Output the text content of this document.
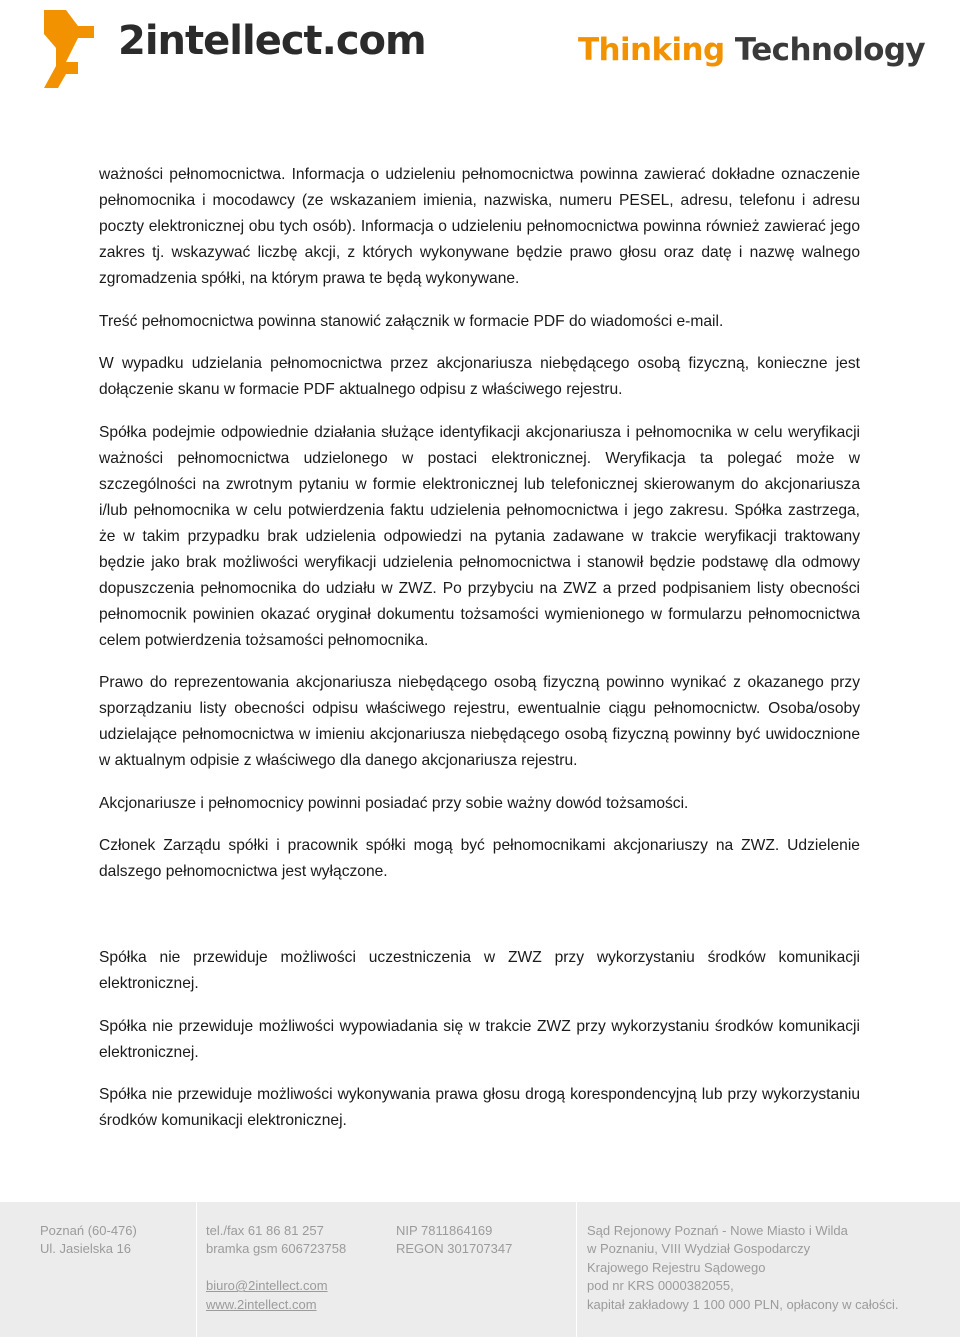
2intellect.com	Thinking Technology

ważności pełnomocnictwa. Informacja o udzieleniu pełnomocnictwa powinna zawierać dokładne oznaczenie pełnomocnika i mocodawcy (ze wskazaniem imienia, nazwiska, numeru PESEL, adresu, telefonu i adresu poczty elektronicznej obu tych osób). Informacja o udzieleniu pełnomocnictwa powinna również zawierać jego zakres tj. wskazywać liczbę akcji, z których wykonywane będzie prawo głosu oraz datę i nazwę walnego zgromadzenia spółki, na którym prawa te będą wykonywane.

Treść pełnomocnictwa powinna stanowić załącznik w formacie PDF do wiadomości e-mail.

W wypadku udzielania pełnomocnictwa przez akcjonariusza niebędącego osobą fizyczną, konieczne jest dołączenie skanu w formacie PDF aktualnego odpisu z właściwego rejestru.

Spółka podejmie odpowiednie działania służące identyfikacji akcjonariusza i pełnomocnika w celu weryfikacji ważności pełnomocnictwa udzielonego w postaci elektronicznej. Weryfikacja ta polegać może w szczególności na zwrotnym pytaniu w formie elektronicznej lub telefonicznej skierowanym do akcjonariusza i/lub pełnomocnika w celu potwierdzenia faktu udzielenia pełnomocnictwa i jego zakresu. Spółka zastrzega, że w takim przypadku brak udzielenia odpowiedzi na pytania zadawane w trakcie weryfikacji traktowany będzie jako brak możliwości weryfikacji udzielenia pełnomocnictwa i stanowił będzie podstawę dla odmowy dopuszczenia pełnomocnika do udziału w ZWZ. Po przybyciu na ZWZ a przed podpisaniem listy obecności pełnomocnik powinien okazać oryginał dokumentu tożsamości wymienionego w formularzu pełnomocnictwa celem potwierdzenia tożsamości pełnomocnika.

Prawo do reprezentowania akcjonariusza niebędącego osobą fizyczną powinno wynikać z okazanego przy sporządzaniu listy obecności odpisu właściwego rejestru, ewentualnie ciągu pełnomocnictw. Osoba/osoby udzielające pełnomocnictwa w imieniu akcjonariusza niebędącego osobą fizyczną powinny być uwidocznione w aktualnym odpisie z właściwego dla danego akcjonariusza rejestru.

Akcjonariusze i pełnomocnicy powinni posiadać przy sobie ważny dowód tożsamości.

Członek Zarządu spółki i pracownik spółki mogą być pełnomocnikami akcjonariuszy na ZWZ. Udzielenie dalszego pełnomocnictwa jest wyłączone.

Spółka nie przewiduje możliwości uczestniczenia w ZWZ przy wykorzystaniu środków komunikacji elektronicznej.

Spółka nie przewiduje możliwości wypowiadania się w trakcie ZWZ przy wykorzystaniu środków komunikacji elektronicznej.

Spółka nie przewiduje możliwości wykonywania prawa głosu drogą korespondencyjną lub przy wykorzystaniu środków komunikacji elektronicznej.

Poznań (60-476)
Ul. Jasielska 16
tel./fax 61 86 81 257
bramka gsm 606723758
biuro@2intellect.com
www.2intellect.com
NIP 7811864169
REGON 301707347
Sąd Rejonowy Poznań - Nowe Miasto i Wilda
w Poznaniu, VIII Wydział Gospodarczy
Krajowego Rejestru Sądowego
pod nr KRS 0000382055,
kapitał zakładowy 1 100 000 PLN, opłacony w całości.
